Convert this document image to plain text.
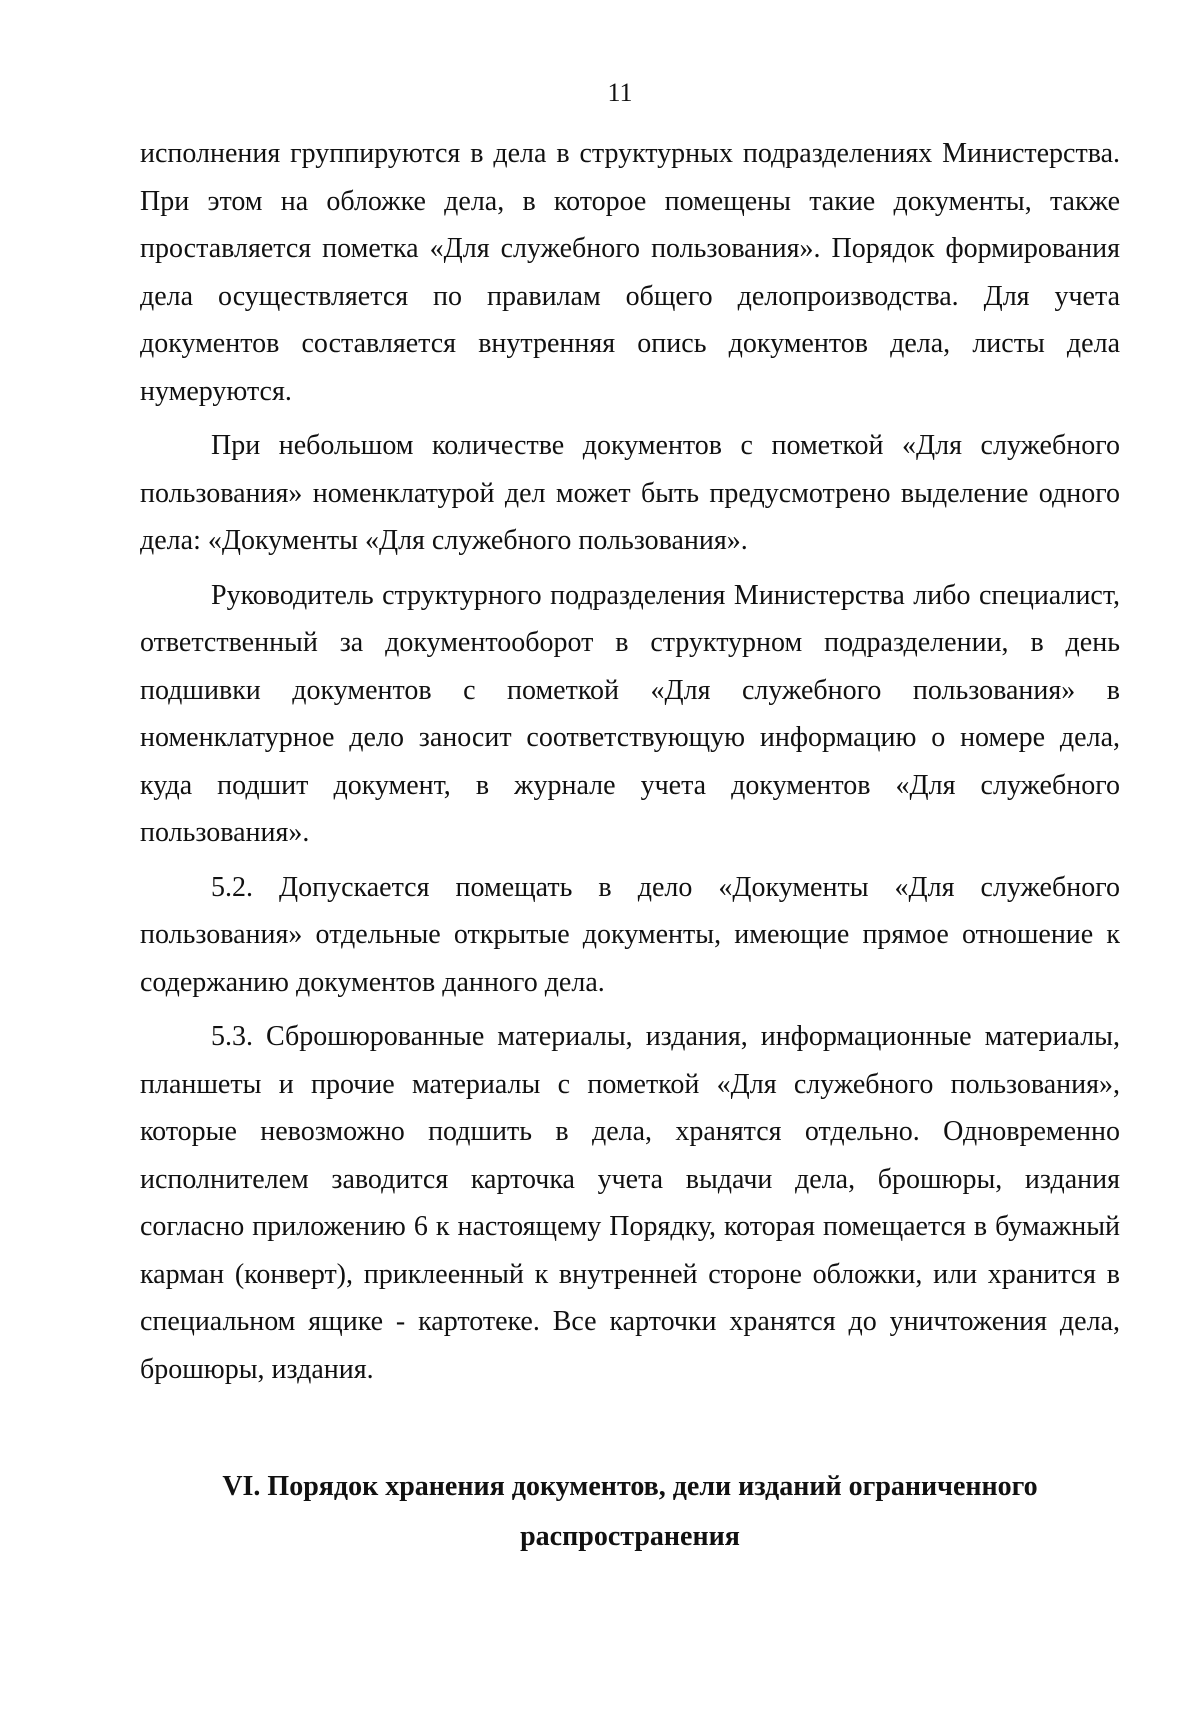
11

исполнения группируются в дела в структурных подразделениях Министерства. При этом на обложке дела, в которое помещены такие документы, также проставляется пометка «Для служебного пользования». Порядок формирования дела осуществляется по правилам общего делопроизводства. Для учета документов составляется внутренняя опись документов дела, листы дела нумеруются.

При небольшом количестве документов с пометкой «Для служебного пользования» номенклатурой дел может быть предусмотрено выделение одного дела: «Документы «Для служебного пользования».

Руководитель структурного подразделения Министерства либо специалист, ответственный за документооборот в структурном подразделении, в день подшивки документов с пометкой «Для служебного пользования» в номенклатурное дело заносит соответствующую информацию о номере дела, куда подшит документ, в журнале учета документов «Для служебного пользования».

5.2. Допускается помещать в дело «Документы «Для служебного пользования» отдельные открытые документы, имеющие прямое отношение к содержанию документов данного дела.

5.3. Сброшюрованные материалы, издания, информационные материалы, планшеты и прочие материалы с пометкой «Для служебного пользования», которые невозможно подшить в дела, хранятся отдельно. Одновременно исполнителем заводится карточка учета выдачи дела, брошюры, издания согласно приложению 6 к настоящему Порядку, которая помещается в бумажный карман (конверт), приклеенный к внутренней стороне обложки, или хранится в специальном ящике - картотеке. Все карточки хранятся до уничтожения дела, брошюры, издания.

VI. Порядок хранения документов, дели изданий ограниченного
распространения
